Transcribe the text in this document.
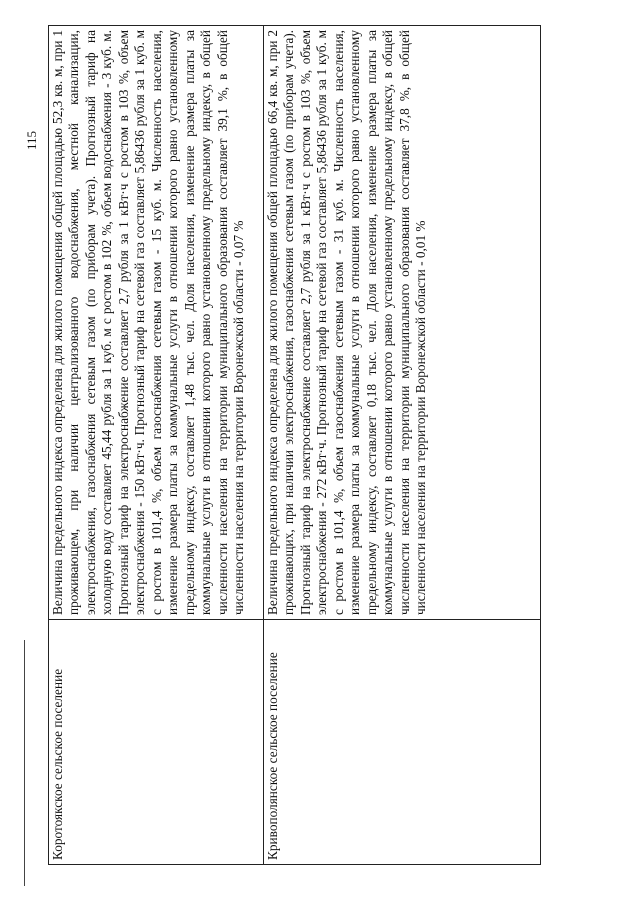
115
Коротоякское сельское поселение	Величина предельного индекса определена для жилого помещения общей площадью 52,3 кв. м, при 1 проживающем, при наличии централизованного водоснабжения, местной канализации, электроснабжения, газоснабжения сетевым газом (по приборам учета). Прогнозный тариф на холодную воду составляет 45,44 рубля за 1 куб. м с ростом в 102 %, объем водоснабжения - 3 куб. м. Прогнозный тариф на электроснабжение составляет 2,7 рубля за 1 кВт·ч с ростом в 103 %, объем электроснабжения - 150 кВт·ч. Прогнозный тариф на сетевой газ составляет 5,86436 рубля за 1 куб. м с ростом в 101,4 %, объем газоснабжения сетевым газом - 15 куб. м. Численность населения, изменение размера платы за коммунальные услуги в отношении которого равно установленному предельному индексу, составляет 1,48 тыс. чел. Доля населения, изменение размера платы за коммунальные услуги в отношении которого равно установленному предельному индексу, в общей численности населения на территории муниципального образования составляет 39,1 %, в общей численности населения на территории Воронежской области - 0,07 %
Кривополянское сельское поселение	Величина предельного индекса определена для жилого помещения общей площадью 66,4 кв. м, при 2 проживающих, при наличии электроснабжения, газоснабжения сетевым газом (по приборам учета). Прогнозный тариф на электроснабжение составляет 2,7 рубля за 1 кВт·ч с ростом в 103 %, объем электроснабжения - 272 кВт·ч. Прогнозный тариф на сетевой газ составляет 5,86436 рубля за 1 куб. м с ростом в 101,4 %, объем газоснабжения сетевым газом - 31 куб. м. Численность населения, изменение размера платы за коммунальные услуги в отношении которого равно установленному предельному индексу, составляет 0,18 тыс. чел. Доля населения, изменение размера платы за коммунальные услуги в отношении которого равно установленному предельному индексу, в общей численности населения на территории муниципального образования составляет 37,8 %, в общей численности населения на территории Воронежской области - 0,01 %
